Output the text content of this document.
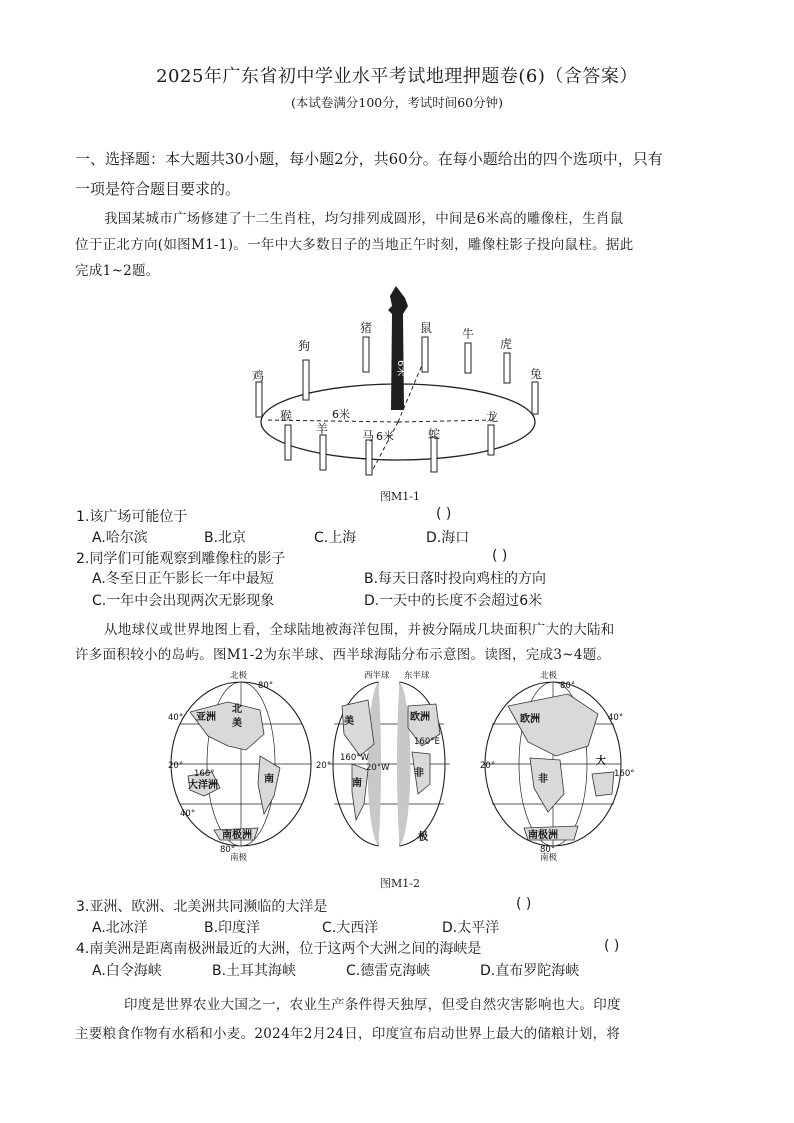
2025年广东省初中学业水平考试地理押题卷(6)（含答案）
(本试卷满分100分，考试时间60分钟)
一、选择题：本大题共30小题，每小题2分，共60分。在每小题给出的四个选项中，只有
一项是符合题目要求的。
我国某城市广场修建了十二生肖柱，均匀排列成圆形，中间是6米高的雕像柱，生肖鼠
位于正北方向(如图M1-1)。一年中大多数日子的当地正午时刻，雕像柱影子投向鼠柱。据此
完成1~2题。
猪	鼠 牛
虎
狗
兔
鸡
猴
羊	马	蛇
龙
6米
6米
6米
图M1-1
1.该广场可能位于	( )
A.哈尔滨	B.北京	C.上海	D.海口
2.同学们可能观察到雕像柱的影子	( )
A.冬至日正午影长一年中最短	B.每天日落时投向鸡柱的方向
C.一年中会出现两次无影现象	D.一天中的长度不会超过6米
从地球仪或世界地图上看，全球陆地被海洋包围，并被分隔成几块面积广大的大陆和
许多面积较小的岛屿。图M1-2为东半球、西半球海陆分布示意图。读图，完成3~4题。
北极
南极
西半球 东半球	北极
南极
80°
40°
20°
160°
40°
80°
160°W
20°W
160°E
20°
80°
20°
160°
40°
80°
亚洲
北
美
南
大洋洲
南极洲
美
南
欧洲
非
极
欧洲
非
大
南极洲
图M1-2
3.亚洲、欧洲、北美洲共同濒临的大洋是	( )
A.北冰洋	B.印度洋	C.大西洋	D.太平洋
4.南美洲是距离南极洲最近的大洲，位于这两个大洲之间的海峡是	( )
A.白令海峡	B.土耳其海峡	C.德雷克海峡	D.直布罗陀海峡
印度是世界农业大国之一，农业生产条件得天独厚，但受自然灾害影响也大。印度
主要粮食作物有水稻和小麦。2024年2月24日，印度宣布启动世界上最大的储粮计划，将
